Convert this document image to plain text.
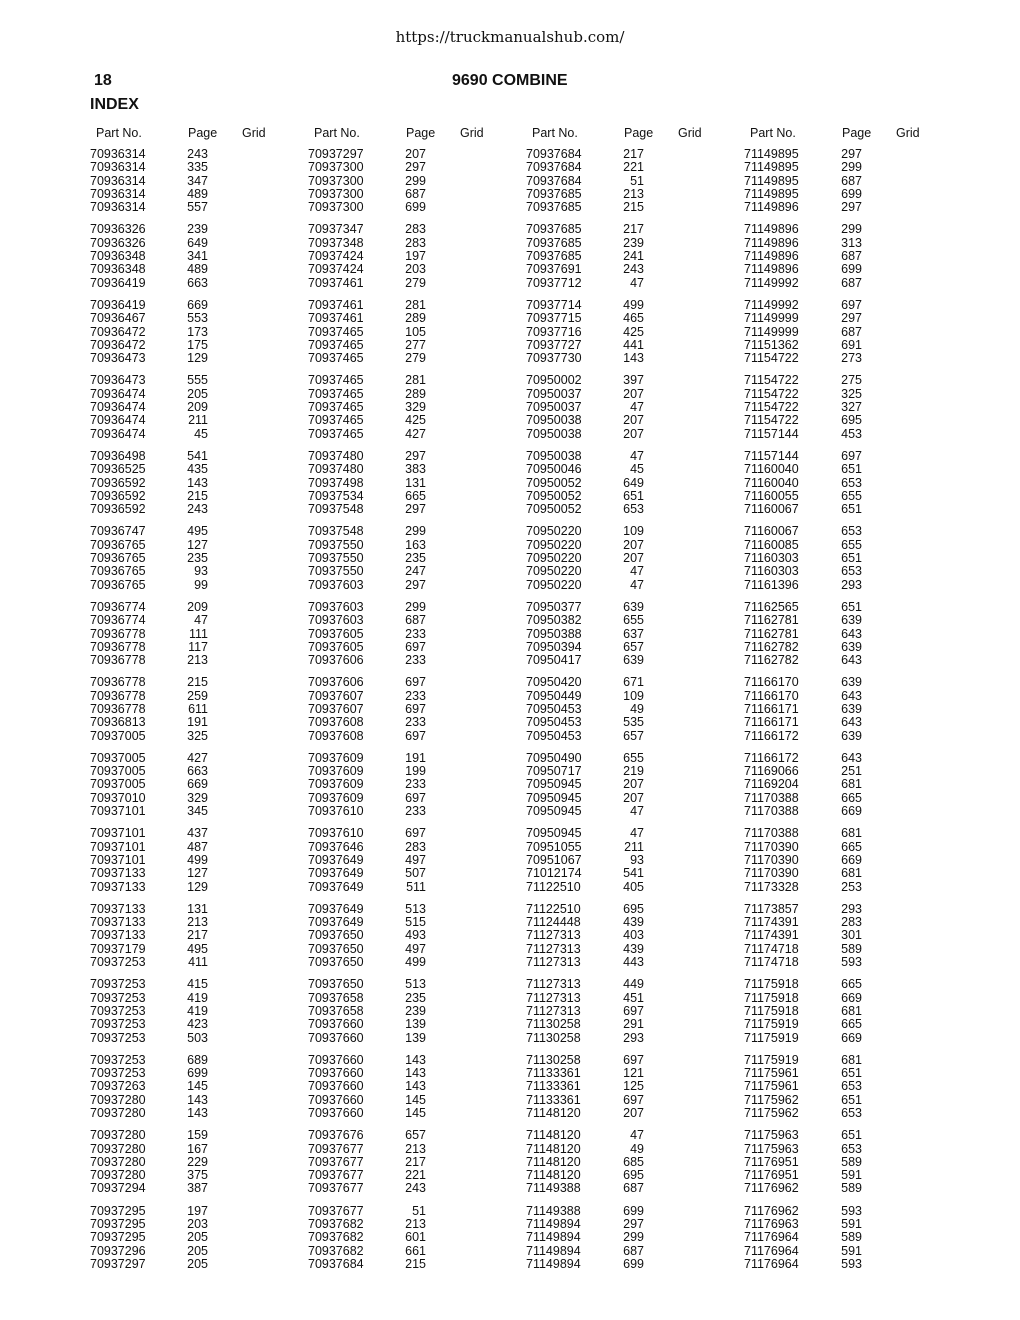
https://truckmanualshub.com/
18	9690 COMBINE
INDEX
Part No.	Page Grid
70936314	243
70936314	335
70936314	347
70936314	489
70936314	557
70936326	239
70936326	649
70936348	341
70936348	489
70936419	663
70936419	669
70936467	553
70936472	173
70936472	175
70936473	129
70936473	555
70936474	205
70936474	209
70936474	211
70936474	45
70936498	541
70936525	435
70936592	143
70936592	215
70936592	243
70936747	495
70936765	127
70936765	235
70936765	93
70936765	99
70936774	209
70936774	47
70936778	111
70936778	117
70936778	213
70936778	215
70936778	259
70936778	611
70936813	191
70937005	325
70937005	427
70937005	663
70937005	669
70937010	329
70937101	345
70937101	437
70937101	487
70937101	499
70937133	127
70937133	129
70937133	131
70937133	213
70937133	217
70937179	495
70937253	411
70937253	415
70937253	419
70937253	419
70937253	423
70937253	503
70937253	689
70937253	699
70937263	145
70937280	143
70937280	143
70937280	159
70937280	167
70937280	229
70937280	375
70937294	387
70937295	197
70937295	203
70937295	205
70937296	205
70937297	205
Part No.	Page Grid
70937297	207
70937300	297
70937300	299
70937300	687
70937300	699
70937347	283
70937348	283
70937424	197
70937424	203
70937461	279
70937461	281
70937461	289
70937465	105
70937465	277
70937465	279
70937465	281
70937465	289
70937465	329
70937465	425
70937465	427
70937480	297
70937480	383
70937498	131
70937534	665
70937548	297
70937548	299
70937550	163
70937550	235
70937550	247
70937603	297
70937603	299
70937603	687
70937605	233
70937605	697
70937606	233
70937606	697
70937607	233
70937607	697
70937608	233
70937608	697
70937609	191
70937609	199
70937609	233
70937609	697
70937610	233
70937610	697
70937646	283
70937649	497
70937649	507
70937649	511
70937649	513
70937649	515
70937650	493
70937650	497
70937650	499
70937650	513
70937658	235
70937658	239
70937660	139
70937660	139
70937660	143
70937660	143
70937660	143
70937660	145
70937660	145
70937676	657
70937677	213
70937677	217
70937677	221
70937677	243
70937677	51
70937682	213
70937682	601
70937682	661
70937684	215
Part No.	Page Grid
70937684	217
70937684	221
70937684	51
70937685	213
70937685	215
70937685	217
70937685	239
70937685	241
70937691	243
70937712	47
70937714	499
70937715	465
70937716	425
70937727	441
70937730	143
70950002	397
70950037	207
70950037	47
70950038	207
70950038	207
70950038	47
70950046	45
70950052	649
70950052	651
70950052	653
70950220	109
70950220	207
70950220	207
70950220	47
70950220	47
70950377	639
70950382	655
70950388	637
70950394	657
70950417	639
70950420	671
70950449	109
70950453	49
70950453	535
70950453	657
70950490	655
70950717	219
70950945	207
70950945	207
70950945	47
70950945	47
70951055	211
70951067	93
71012174	541
71122510	405
71122510	695
71124448	439
71127313	403
71127313	439
71127313	443
71127313	449
71127313	451
71127313	697
71130258	291
71130258	293
71130258	697
71133361	121
71133361	125
71133361	697
71148120	207
71148120	47
71148120	49
71148120	685
71148120	695
71149388	687
71149388	699
71149894	297
71149894	299
71149894	687
71149894	699
Part No.	Page Grid
71149895	297
71149895	299
71149895	687
71149895	699
71149896	297
71149896	299
71149896	313
71149896	687
71149896	699
71149992	687
71149992	697
71149999	297
71149999	687
71151362	691
71154722	273
71154722	275
71154722	325
71154722	327
71154722	695
71157144	453
71157144	697
71160040	651
71160040	653
71160055	655
71160067	651
71160067	653
71160085	655
71160303	651
71160303	653
71161396	293
71162565	651
71162781	639
71162781	643
71162782	639
71162782	643
71166170	639
71166170	643
71166171	639
71166171	643
71166172	639
71166172	643
71169066	251
71169204	681
71170388	665
71170388	669
71170388	681
71170390	665
71170390	669
71170390	681
71173328	253
71173857	293
71174391	283
71174391	301
71174718	589
71174718	593
71175918	665
71175918	669
71175918	681
71175919	665
71175919	669
71175919	681
71175961	651
71175961	653
71175962	651
71175962	653
71175963	651
71175963	653
71176951	589
71176951	591
71176962	589
71176962	593
71176963	591
71176964	589
71176964	591
71176964	593
